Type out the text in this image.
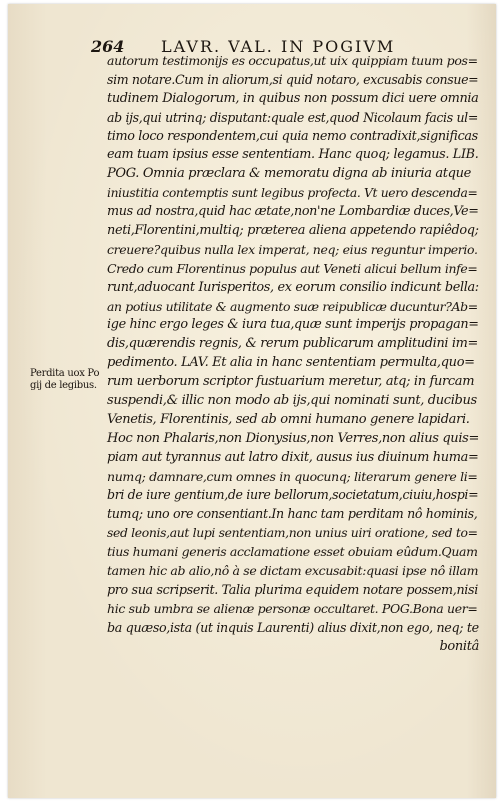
264 LAVR. VAL. IN POGIVM
Perdita uox Po
gij de legibus.
autorum testimonijs es occupatus,ut uix quippiam tuum pos=
sim notare.Cum in aliorum,si quid notaro, excusabis consue=
tudinem Dialogorum, in quibus non possum dici uere omnia
ab ijs,qui utrinq; disputant:quale est,quod Nicolaum facis ul=
timo loco respondentem,cui quia nemo contradixit,significas
eam tuam ipsius esse sententiam. Hanc quoq; legamus. LIB.
POG. Omnia præclara & memoratu digna ab iniuria atque
iniustitia contemptis sunt legibus profecta. Vt uero descenda=
mus ad nostra,quid hac ætate,non'ne Lombardiæ duces,Ve=
neti,Florentini,multiq; præterea aliena appetendo rapiêdoq;
creuere?quibus nulla lex imperat, neq; eius reguntur imperio.
Credo cum Florentinus populus aut Veneti alicui bellum infe=
runt,aduocant Iurisperitos, ex eorum consilio indicunt bella:
an potius utilitate & augmento suæ reipublicæ ducuntur?Ab=
ige hinc ergo leges & iura tua,quæ sunt imperijs propagan=
dis,quærendis regnis, & rerum publicarum amplitudini im=
pedimento. LAV. Et alia in hanc sententiam permulta,quo=
rum uerborum scriptor fustuarium meretur, atq; in furcam
suspendi,& illic non modo ab ijs,qui nominati sunt, ducibus
Venetis, Florentinis, sed ab omni humano genere lapidari.
Hoc non Phalaris,non Dionysius,non Verres,non alius quis=
piam aut tyrannus aut latro dixit, ausus ius diuinum huma=
numq; damnare,cum omnes in quocunq; literarum genere li=
bri de iure gentium,de iure bellorum,societatum,ciuiu,hospi=
tumq; uno ore consentiant.In hanc tam perditam nô hominis,
sed leonis,aut lupi sententiam,non unius uiri oratione, sed to=
tius humani generis acclamatione esset obuiam eûdum.Quam
tamen hic ab alio,nô à se dictam excusabit:quasi ipse nô illam
pro sua scripserit. Talia plurima equidem notare possem,nisi
hic sub umbra se alienæ personæ occultaret. POG.Bona uer=
ba quæso,ista (ut inquis Laurenti) alius dixit,non ego, neq; te
bonitâ
